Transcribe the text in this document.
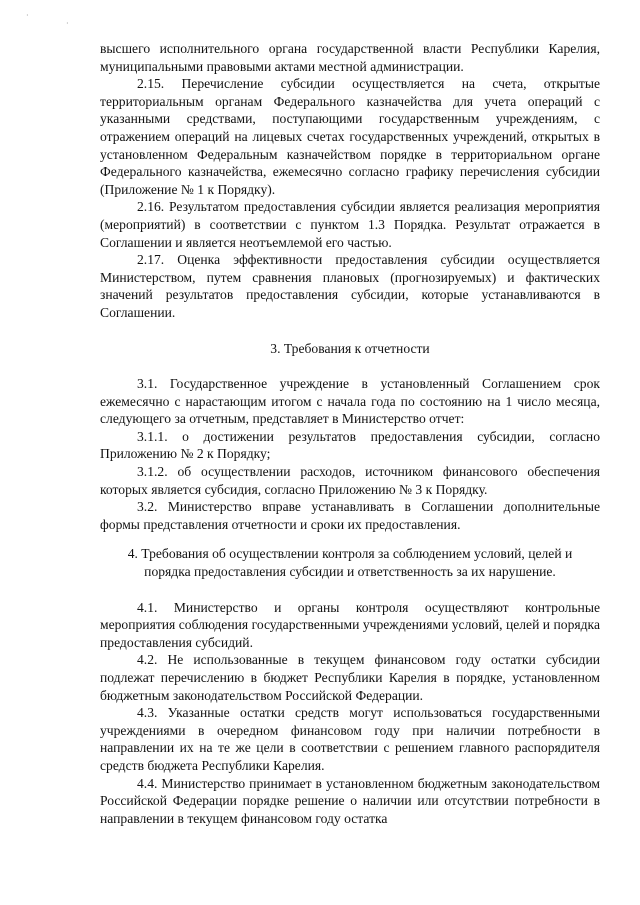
·
·

высшего исполнительного органа государственной власти Республики Карелия, муниципальными правовыми актами местной администрации.

2.15. Перечисление субсидии осуществляется на счета, открытые территориальным органам Федерального казначейства для учета операций с указанными средствами, поступающими государственным учреждениям, с отражением операций на лицевых счетах государственных учреждений, открытых в установленном Федеральным казначейством порядке в территориальном органе Федерального казначейства, ежемесячно согласно графику перечисления субсидии (Приложение № 1 к Порядку).

2.16. Результатом предоставления субсидии является реализация мероприятия (мероприятий) в соответствии с пунктом 1.3 Порядка. Результат отражается в Соглашении и является неотъемлемой его частью.

2.17. Оценка эффективности предоставления субсидии осуществляется Министерством, путем сравнения плановых (прогнозируемых) и фактических значений результатов предоставления субсидии, которые устанавливаются в Соглашении.

3. Требования к отчетности

3.1. Государственное учреждение в установленный Соглашением срок ежемесячно с нарастающим итогом с начала года по состоянию на 1 число месяца, следующего за отчетным, представляет в Министерство отчет:

3.1.1. о достижении результатов предоставления субсидии, согласно Приложению № 2 к Порядку;

3.1.2. об осуществлении расходов, источником финансового обеспечения которых является субсидия, согласно Приложению № 3 к Порядку.

3.2. Министерство вправе устанавливать в Соглашении дополнительные формы представления отчетности и сроки их предоставления.

4. Требования об осуществлении контроля за соблюдением условий, целей и

порядка предоставления субсидии и ответственность за их нарушение.

4.1. Министерство и органы контроля осуществляют контрольные мероприятия соблюдения государственными учреждениями условий, целей и порядка предоставления субсидий.

4.2. Не использованные в текущем финансовом году остатки субсидии подлежат перечислению в бюджет Республики Карелия в порядке, установленном бюджетным законодательством Российской Федерации.

4.3. Указанные остатки средств могут использоваться государственными учреждениями в очередном финансовом году при наличии потребности в направлении их на те же цели в соответствии с решением главного распорядителя средств бюджета Республики Карелия.

4.4. Министерство принимает в установленном бюджетным законодательством Российской Федерации порядке решение о наличии или отсутствии потребности в направлении в текущем финансовом году остатка
